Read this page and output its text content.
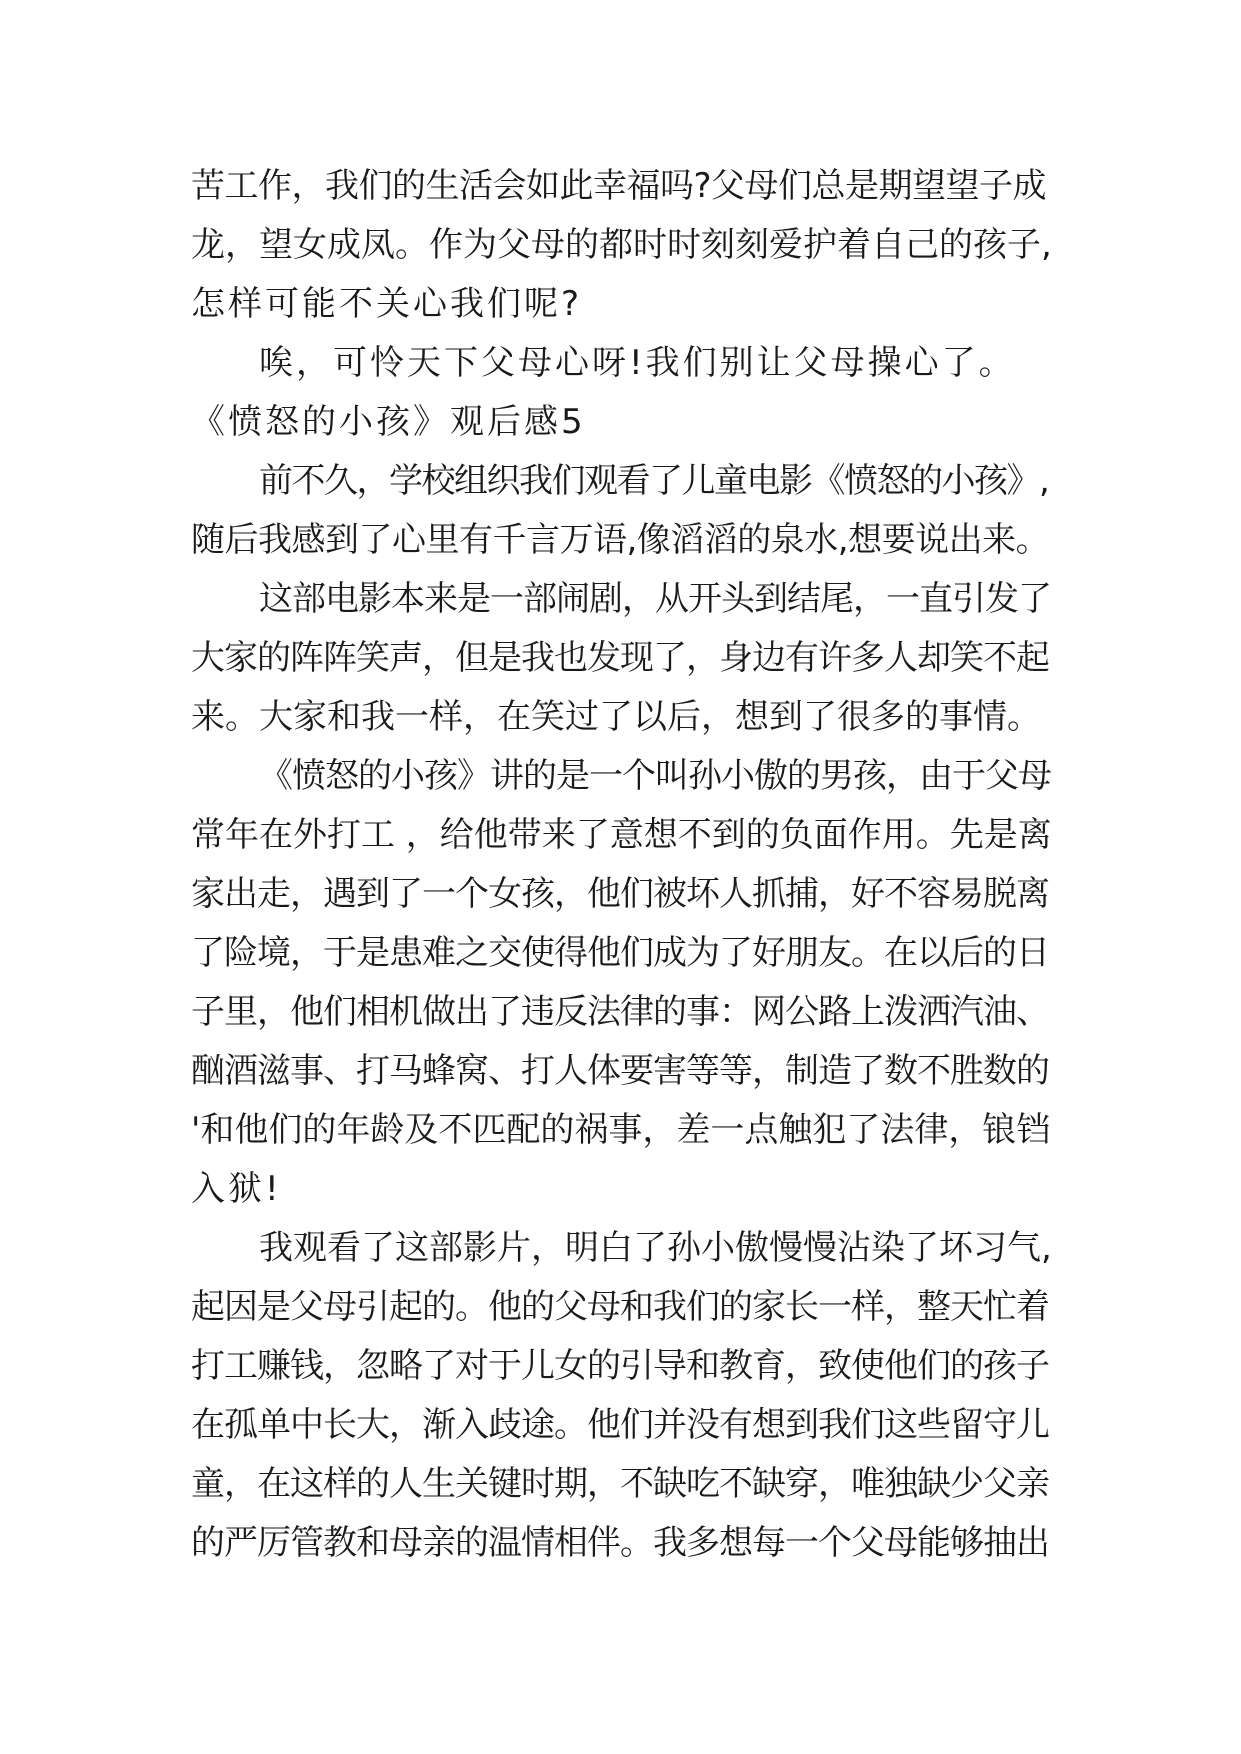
苦工作，我们的生活会如此幸福吗?父母们总是期望望子成
龙，望女成凤。作为父母的都时时刻刻爱护着自己的孩子,
怎样可能不关心我们呢?
唉，可怜天下父母心呀!我们别让父母操心了。
《愤怒的小孩》观后感5
前不久，学校组织我们观看了儿童电影《愤怒的小孩》,
随后我感到了心里有千言万语,像滔滔的泉水,想要说出来。
这部电影本来是一部闹剧，从开头到结尾，一直引发了
大家的阵阵笑声，但是我也发现了，身边有许多人却笑不起
来。大家和我一样，在笑过了以后，想到了很多的事情。
《愤怒的小孩》讲的是一个叫孙小傲的男孩，由于父母
常年在外打工 ，给他带来了意想不到的负面作用。先是离
家出走，遇到了一个女孩，他们被坏人抓捕，好不容易脱离
了险境，于是患难之交使得他们成为了好朋友。在以后的日
子里，他们相机做出了违反法律的事：网公路上泼洒汽油、
酗酒滋事、打马蜂窝、打人体要害等等，制造了数不胜数的
'和他们的年龄及不匹配的祸事，差一点触犯了法律，锒铛
入狱!
我观看了这部影片，明白了孙小傲慢慢沾染了坏习气,
起因是父母引起的。他的父母和我们的家长一样，整天忙着
打工赚钱，忽略了对于儿女的引导和教育，致使他们的孩子
在孤单中长大，渐入歧途。他们并没有想到我们这些留守儿
童，在这样的人生关键时期，不缺吃不缺穿，唯独缺少父亲
的严厉管教和母亲的温情相伴。我多想每一个父母能够抽出
